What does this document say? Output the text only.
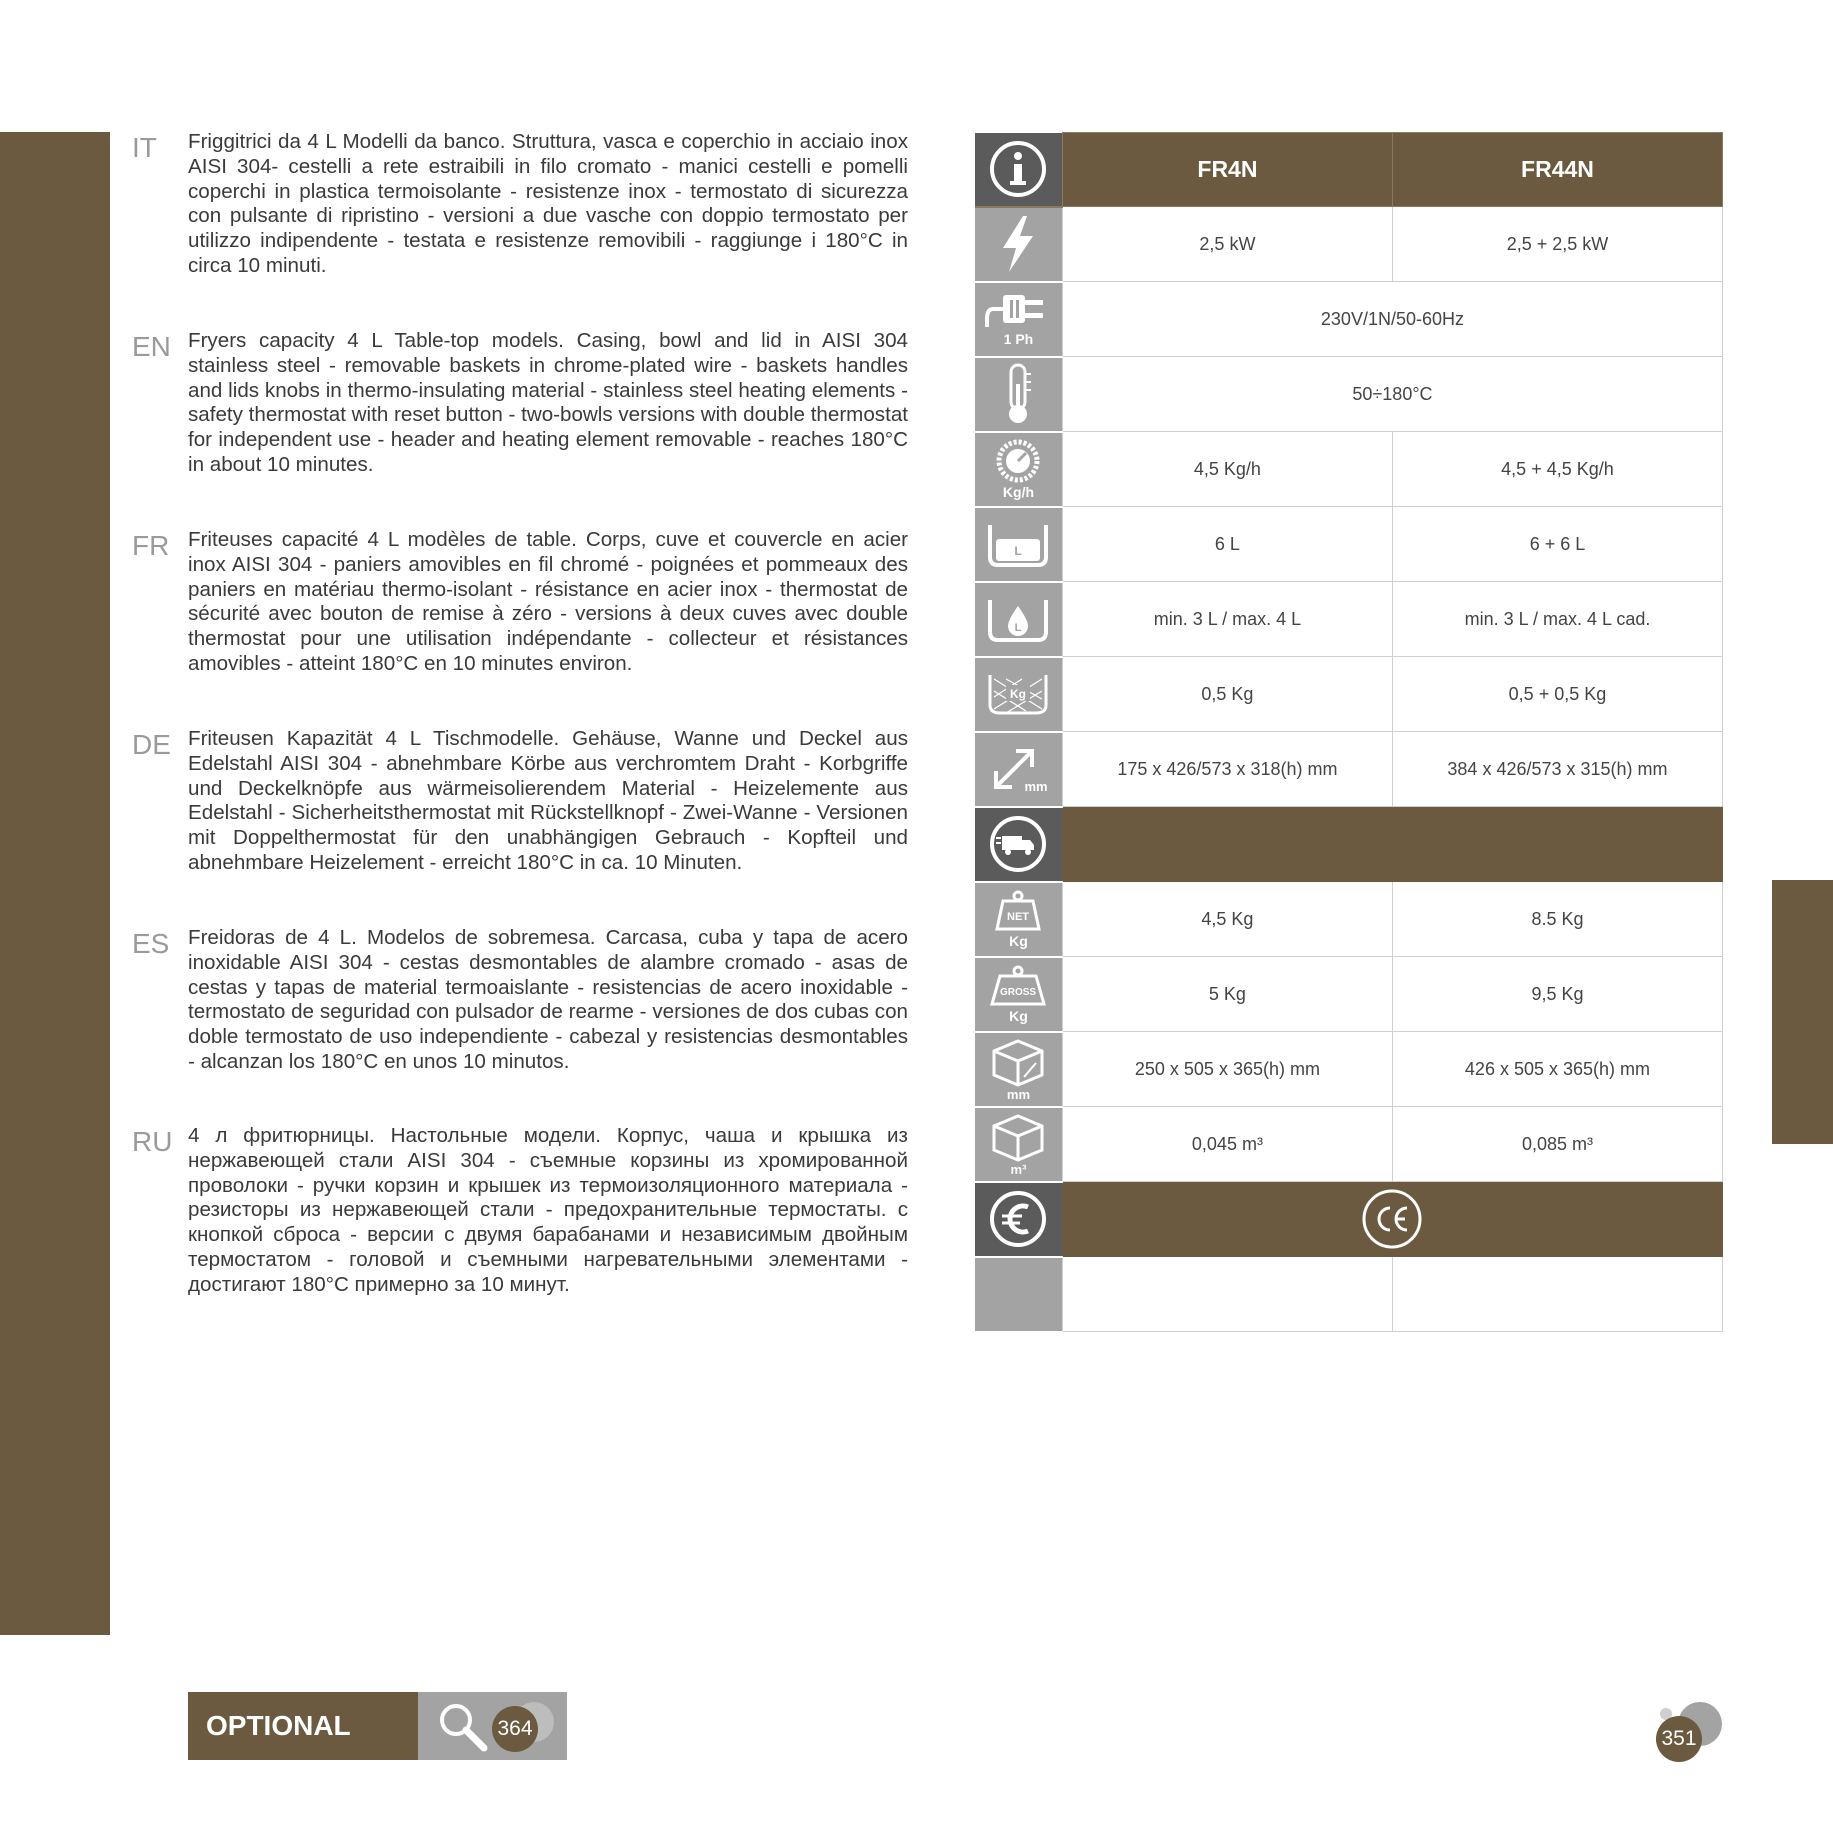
IT Friggitrici da 4 L Modelli da banco. Struttura, vasca e coperchio in acciaio inox AISI 304- cestelli a rete estraibili in filo cromato - manici cestelli e pomelli coperchi in plastica termoisolante - resistenze inox - termostato di sicurezza con pulsante di ripristino - versioni a due vasche con doppio termostato per utilizzo indipendente - testata e resistenze removibili - raggiunge i 180°C in circa 10 minuti.
EN Fryers capacity 4 L Table-top models. Casing, bowl and lid in AISI 304 stainless steel - removable baskets in chrome-plated wire - baskets handles and lids knobs in thermo-insulating material - stainless steel heating elements - safety thermostat with reset button - two-bowls versions with double thermostat for independent use - header and heating element removable - reaches 180°C in about 10 minutes.
FR Friteuses capacité 4 L modèles de table. Corps, cuve et couvercle en acier inox AISI 304 - paniers amovibles en fil chromé - poignées et pommeaux des paniers en matériau thermo-isolant - résistance en acier inox - thermostat de sécurité avec bouton de remise à zéro - versions à deux cuves avec double thermostat pour une utilisation indépendante - collecteur et résistances amovibles - atteint 180°C en 10 minutes environ.
DE Friteusen Kapazität 4 L Tischmodelle. Gehäuse, Wanne und Deckel aus Edelstahl AISI 304 - abnehmbare Körbe aus verchromtem Draht - Korbgriffe und Deckelknöpfe aus wärmeisolierendem Material - Heizelemente aus Edelstahl - Sicherheitsthermostat mit Rückstellknopf - Zwei-Wanne - Versionen mit Doppelthermostat für den unabhängigen Gebrauch - Kopfteil und abnehmbare Heizelement - erreicht 180°C in ca. 10 Minuten.
ES Freidoras de 4 L. Modelos de sobremesa. Carcasa, cuba y tapa de acero inoxidable AISI 304 - cestas desmontables de alambre cromado - asas de cestas y tapas de material termoaislante - resistencias de acero inoxidable - termostato de seguridad con pulsador de rearme - versiones de dos cubas con doble termostato de uso independiente - cabezal y resistencias desmontables - alcanzan los 180°C en unos 10 minutos.
RU 4 л фритюрницы. Настольные модели. Корпус, чаша и крышка из нержавеющей стали AISI 304 - съемные корзины из хромированной проволоки - ручки корзин и крышек из термоизоляционного материала - резисторы из нержавеющей стали - предохранительные термостаты. с кнопкой сброса - версии с двумя барабанами и независимым двойным термостатом - головой и съемными нагревательными элементами - достигают 180°C примерно за 10 минут.
	FR4N	FR44N

	2,5 kW	2,5 + 2,5 kW

1 Ph	230V/1N/50-60Hz	

	50÷180°C	

Kg/h	4,5 Kg/h	4,5 + 4,5 Kg/h

L	6 L	6 + 6 L

L	min. 3 L / max. 4 L	min. 3 L / max. 4 L cad.

Kg	0,5 Kg	0,5 + 0,5 Kg

mm	175 x 426/573 x 318(h) mm	384 x 426/573 x 315(h) mm

NET
Kg	4,5 Kg	8.5 Kg

GROSS
Kg	5 Kg	9,5 Kg

mm	250 x 505 x 365(h) mm	426 x 505 x 365(h) mm

m³	0,045 m³	0,085 m³

OPTIONAL	364	351
